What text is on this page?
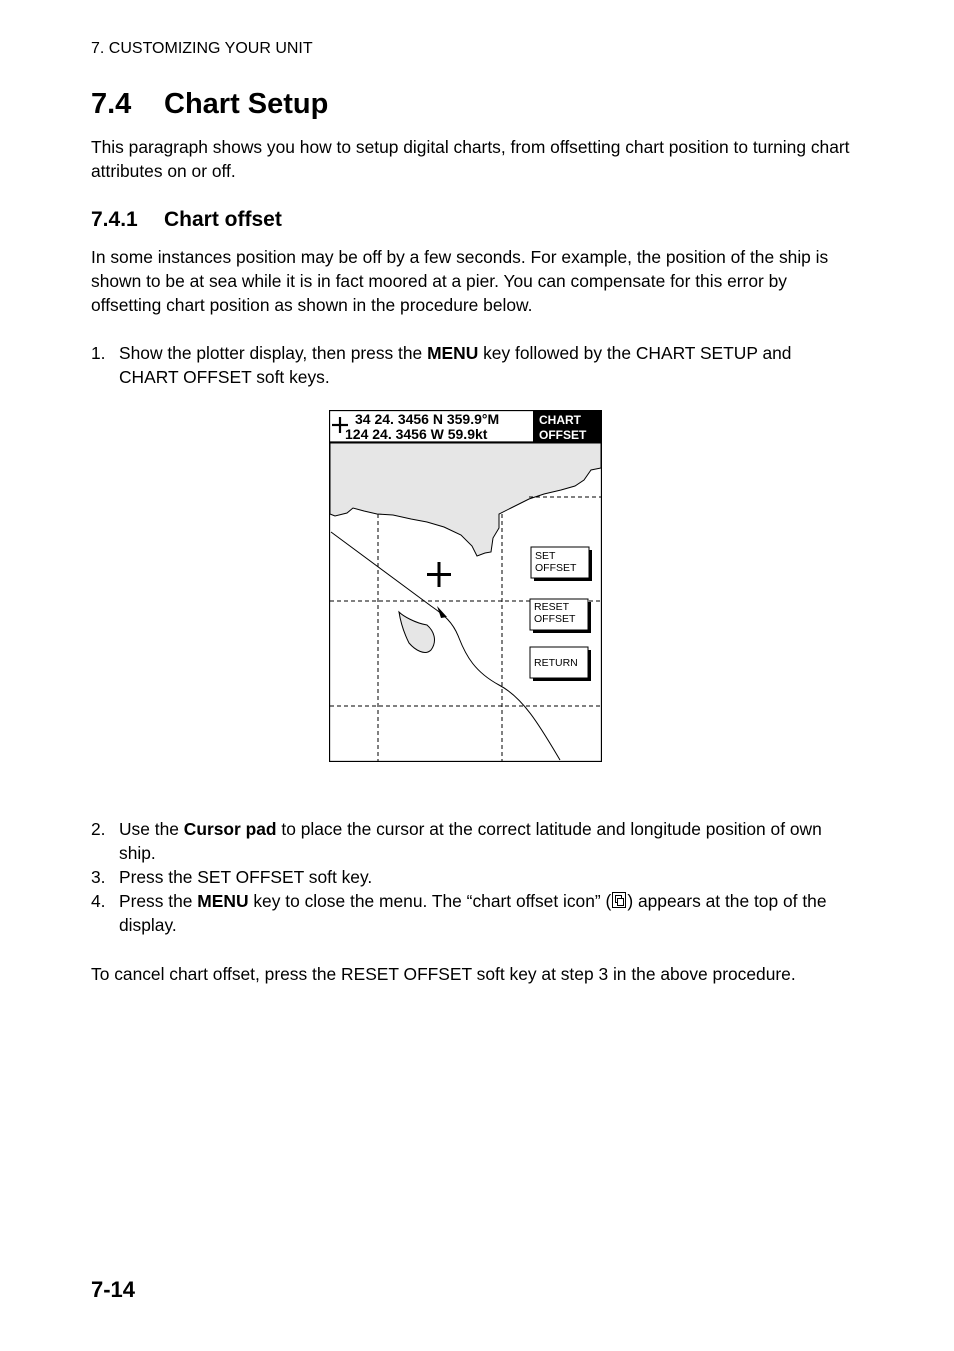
7. CUSTOMIZING YOUR UNIT
7.4 Chart Setup

This paragraph shows you how to setup digital charts, from offsetting chart position to turning chart attributes on or off.

7.4.1 Chart offset

In some instances position may be off by a few seconds. For example, the position of the ship is shown to be at sea while it is in fact moored at a pier. You can compensate for this error by offsetting chart position as shown in the procedure below.

1. Show the plotter display, then press the MENU key followed by the CHART SETUP and CHART OFFSET soft keys.
34 24. 3456 N 359.9°M
124 24. 3456 W 59.9kt
CHART
OFFSET
SET
OFFSET
RESET
OFFSET
RETURN
2. Use the Cursor pad to place the cursor at the correct latitude and longitude position of own ship.
3. Press the SET OFFSET soft key.
4. Press the MENU key to close the menu. The “chart offset icon” ( ) appears at the top of the display.

To cancel chart offset, press the RESET OFFSET soft key at step 3 in the above procedure.

7-14
